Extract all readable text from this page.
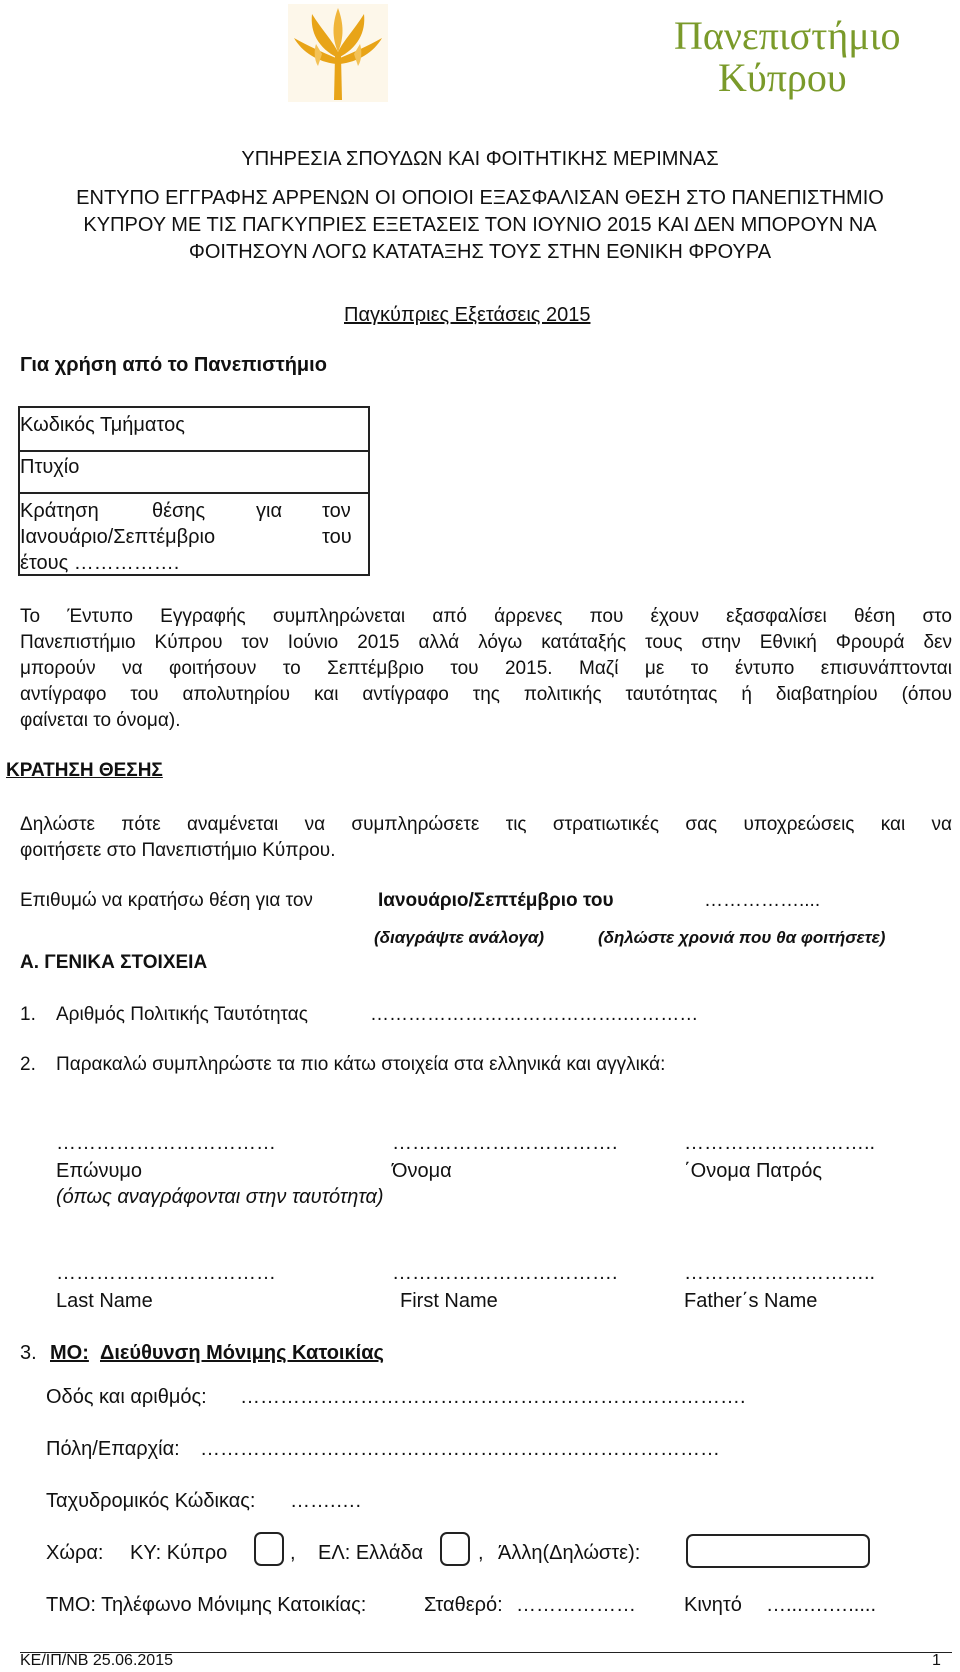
Πανεπιστήμιο
Κύπρου
ΥΠΗΡΕΣΙΑ ΣΠΟΥΔΩΝ ΚΑΙ ΦΟΙΤΗΤΙΚΗΣ ΜΕΡΙΜΝΑΣ
ΕΝΤΥΠΟ ΕΓΓΡΑΦΗΣ ΑΡΡΕΝΩΝ ΟΙ ΟΠΟΙΟΙ ΕΞΑΣΦΑΛΙΣΑΝ ΘΕΣΗ ΣΤΟ ΠΑΝΕΠΙΣΤΗΜΙΟ
ΚΥΠΡΟΥ ΜΕ ΤΙΣ ΠΑΓΚΥΠΡΙΕΣ ΕΞΕΤΑΣΕΙΣ ΤΟΝ ΙΟΥΝΙΟ 2015 ΚΑΙ ΔΕΝ ΜΠΟΡΟΥΝ ΝΑ
ΦΟΙΤΗΣΟΥΝ ΛΟΓΩ ΚΑΤΑΤΑΞΗΣ ΤΟΥΣ ΣΤΗΝ ΕΘΝΙΚΗ ΦΡΟΥΡΑ
Παγκύπριες Εξετάσεις 2015
Για χρήση από το Πανεπιστήμιο
Κωδικός Τμήματος
Πτυχίο
Κράτηση	θέσης	για τον
Ιανουάριο/Σεπτέμβριο	του
έτους …………….
Το Έντυπο Εγγραφής συμπληρώνεται από άρρενες που έχουν εξασφαλίσει θέση στο
Πανεπιστήμιο Κύπρου τον Ιούνιο 2015 αλλά λόγω κατάταξής τους στην Εθνική Φρουρά δεν
μπορούν να φοιτήσουν το Σεπτέμβριο του 2015. Μαζί με το έντυπο επισυνάπτονται
αντίγραφο του απολυτηρίου και αντίγραφο της πολιτικής ταυτότητας ή διαβατηρίου (όπου
φαίνεται το όνομα).
ΚΡΑΤΗΣΗ ΘΕΣΗΣ
Δηλώστε πότε αναμένεται να συμπληρώσετε τις στρατιωτικές σας υποχρεώσεις και να
φοιτήσετε στο Πανεπιστήμιο Κύπρου.
Επιθυμώ να κρατήσω θέση για τον	Ιανουάριο/Σεπτέμβριο του	……………....
(διαγράψτε ανάλογα)	(δηλώστε χρονιά που θα φοιτήσετε)
Α. ΓΕΝΙΚΑ ΣΤΟΙΧΕΙΑ
1. Αριθμός Πολιτικής Ταυτότητας	………………………………….…………
2. Παρακαλώ συμπληρώστε τα πιο κάτω στοιχεία στα ελληνικά και αγγλικά:
……………………………	…………………………….	………………………..
Επώνυμο	Όνομα	΄Ονομα Πατρός
(όπως αναγράφονται στην ταυτότητα)
……………………………	…………………………….	………………………..
Last Name	First Name	Father΄s Name
3. ΜΟ: Διεύθυνση Μόνιμης Κατοικίας
Οδός και αριθμός: ………………………………………………………………….
Πόλη/Επαρχία: ……………………………………………………………………
Ταχυδρομικός Κώδικας: …….….
Χώρα: ΚΥ: Κύπρο	, ΕΛ: Ελλάδα	, Άλλη(Δηλώστε):
ΤΜΟ: Τηλέφωνο Μόνιμης Κατοικίας:	Σταθερό: ……………… Κινητό …...….….....
ΚΕ/ΙΠ/ΝΒ 25.06.2015	1
